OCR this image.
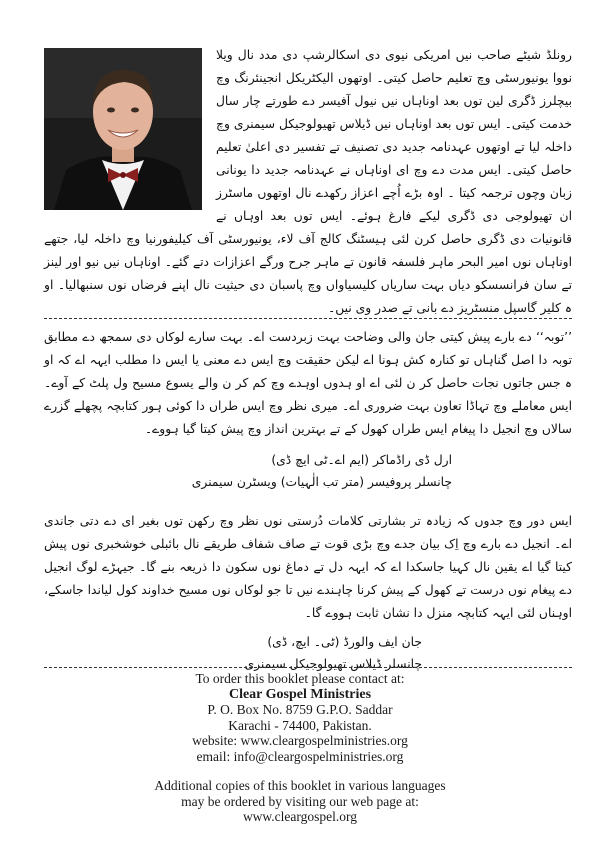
رونلڈ شیٹے صاحب نیں امریکی نیوی دی اسکالرشپ دی مدد نال ویلا نووا یونیورسٹی وچ تعلیم حاصل کیتی۔ اوتھوں الیکٹریکل انجینئرنگ وچ بیچلرز ڈگری لین توں بعد اوناہاں نیں نیول آفیسر دے طورتے چار سال خدمت کیتی۔ ایس توں بعد اوناہاں نیں ڈیلاس تھیولوجیکل سیمنری وچ داخلہ لیا تے اوتھوں عہدنامہ جدید دی تصنیف تے تفسیر دی اعلیٰ تعلیم حاصل کیتی۔ ایس مدت دے وچ ای اوناہاں نے عہدنامہ جدید دا یونانی زبان وچوں ترجمہ کیتا ۔ اوہ بڑے اُچے اعزاز رکھدے نال اوتھوں ماسٹرز ان تھیولوجی دی ڈگری لیکے فارغ ہوئے۔ ایس توں بعد اوہاں نے قانونیات دی ڈگری حاصل کرن لئی ہیسٹنگ کالج آف لاء، یونیورسٹی آف کیلیفورنیا وچ داخلہ لیا، جتھے اوناہاں نوں امیر البحر ماہر فلسفہ قانون تے ماہر جرح ورگے اعزازات دتے گئے۔ اوناہاں نیں نیو اور لینز تے سان فرانسسکو دیاں بہت ساریاں کلیسیاواں وچ پاسبان دی حیثیت نال اپنے فرضاں نوں سنبھالیا۔ او ہ کلیر گاسپل منسٹریز دے بانی تے صدر وی نیں۔
’’توبہ‘‘ دے بارے پیش کیتی جان والی وضاحت بہت زبردست اے۔ بہت سارے لوکاں دی سمجھ دے مطابق توبہ دا اصل گناہاں تو کنارہ کش ہونا اے لیکن حقیقت وچ ایس دے معنی یا ایس دا مطلب ایہہ اے کہ او ہ جس جاتوں نجات حاصل کر ن لئی اے او ہدوں اوہدے وچ کم کر ن والے یسوع مسیح ول پلٹ کے آوے۔ ایس معاملے وچ تہاڈا تعاون بہت ضروری اے۔ میری نظر وچ ایس طراں دا کوئی ہور کتابچہ پچھلے گزرے سالاں وچ انجیل دا پیغام ایس طراں کھول کے تے بہترین انداز وچ پیش کیتا گیا ہووے۔
ارل ڈی راڈماکر (ایم اے۔ٹی ایچ ڈی)
چانسلر پروفیسر (متر تب الٰہیات) ویسٹرن سیمنری
ایس دور وچ جدوں کہ زیادہ تر بشارتی کلامات دُرستی نوں نظر وچ رکھن توں بغیر ای دے دتی جاندی اے۔ انجیل دے بارے وچ اِک بیان جدے وچ بڑی قوت تے صاف شفاف طریقے نال بائبلی خوشخبری نوں پیش کیتا گیا اے یقین نال کہیا جاسکدا اے کہ ایہہ دل تے دماغ نوں سکون دا ذریعہ بنے گا۔ جیہڑے لوگ انجیل دے پیغام نوں درست تے کھول کے پیش کرنا چاہندے نیں تا جو لوکاں نوں مسیح خداوند کول لیاندا جاسکے، اوہناں لئی ایہہ کتابچہ منزل دا نشان ثابت ہووے گا۔
جان ایف والورڈ (ٹی۔ ایچ، ڈی)
چانسلر ڈیلاس تھیولوجیکل سیمنری
To order this booklet please contact at:
Clear Gospel Ministries
P. O. Box No. 8759 G.P.O. Saddar
Karachi - 74400, Pakistan.
website: www.cleargospelministries.org
email: info@cleargospelministries.org
Additional copies of this booklet in various languages
may be ordered by visiting our web page at:
www.cleargospel.org
